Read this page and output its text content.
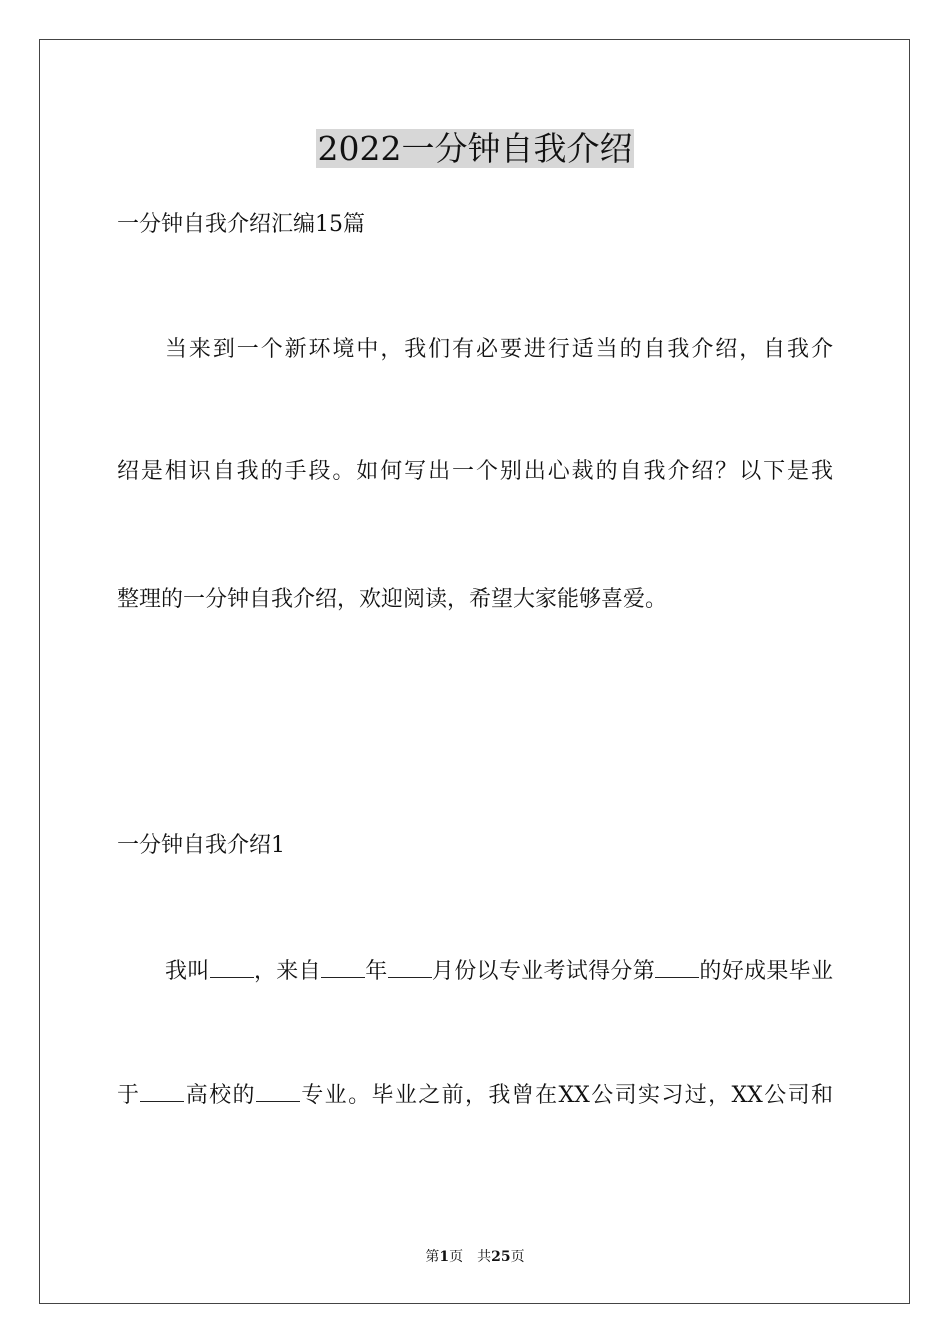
2022一分钟自我介绍
一分钟自我介绍汇编15篇
当来到一个新环境中，我们有必要进行适当的自我介绍，自我介
绍是相识自我的手段。如何写出一个别出心裁的自我介绍？以下是我
整理的一分钟自我介绍，欢迎阅读，希望大家能够喜爱。
一分钟自我介绍1
我叫 ，来自 年 月份以专业考试得分第 的好成果毕业
于 高校的 专业。毕业之前，我曾在XX公司实习过，XX公司和
第1页 共25页
